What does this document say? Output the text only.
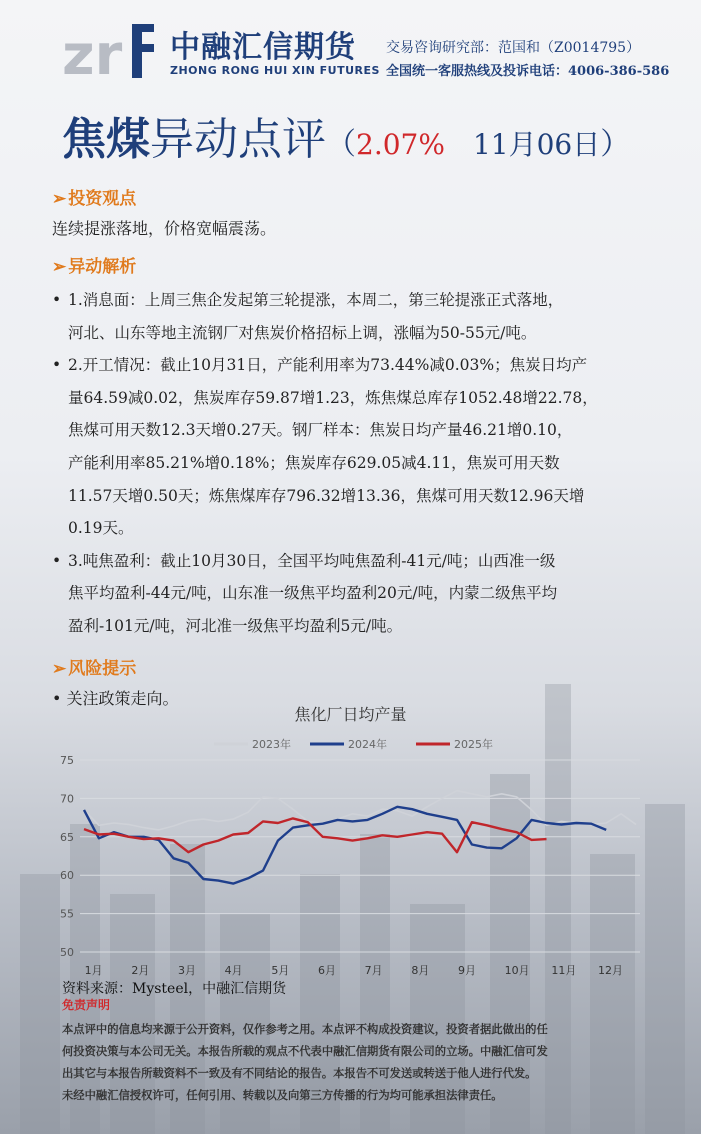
zr 中融汇信期货
ZHONG RONG HUI XIN FUTURES
交易咨询研究部：范国和（Z0014795）
全国统一客服热线及投诉电话：4006-386-586
焦煤异动点评（2.07% 11月06日）
➢ 投资观点
连续提涨落地，价格宽幅震荡。
➢ 异动解析
• 1.消息面：上周三焦企发起第三轮提涨，本周二，第三轮提涨正式落地，
河北、山东等地主流钢厂对焦炭价格招标上调，涨幅为50-55元/吨。
• 2.开工情况：截止10月31日，产能利用率为73.44%减0.03%；焦炭日均产
量64.59减0.02，焦炭库存59.87增1.23，炼焦煤总库存1052.48增22.78，
焦煤可用天数12.3天增0.27天。钢厂样本：焦炭日均产量46.21增0.10，
产能利用率85.21%增0.18%；焦炭库存629.05减4.11，焦炭可用天数
11.57天增0.50天；炼焦煤库存796.32增13.36，焦煤可用天数12.96天增
0.19天。
• 3.吨焦盈利：截止10月30日，全国平均吨焦盈利-41元/吨；山西准一级
焦平均盈利-44元/吨，山东准一级焦平均盈利20元/吨，内蒙二级焦平均
盈利-101元/吨，河北准一级焦平均盈利5元/吨。
➢ 风险提示
• 关注政策走向。
焦化厂日均产量
50
55
60
65
70
75
1月	2月	3月	4月	5月	6月	7月	8月	9月	10月 11月 12月
2023年	2024年	2025年
资料来源：Mysteel，中融汇信期货
免责声明
本点评中的信息均来源于公开资料，仅作参考之用。本点评不构成投资建议，投资者据此做出的任
何投资决策与本公司无关。本报告所载的观点不代表中融汇信期货有限公司的立场。中融汇信可发
出其它与本报告所载资料不一致及有不同结论的报告。本报告不可发送或转送于他人进行代发。
未经中融汇信授权许可，任何引用、转载以及向第三方传播的行为均可能承担法律责任。
